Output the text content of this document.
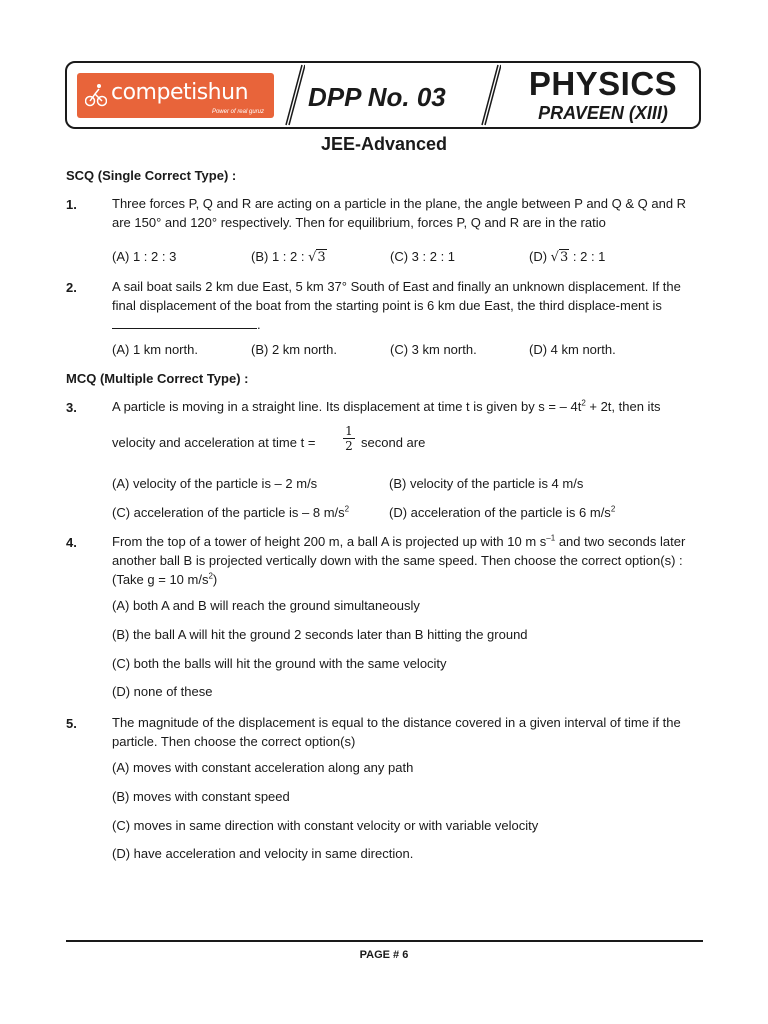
competishun
Power of real guruz DPP No. 03	PHYSICS
PRAVEEN (XIII)
JEE-Advanced
SCQ (Single Correct Type) :
1.	Three forces P, Q and R are acting on a particle in the plane, the angle between P and Q & Q and R are 150° and 120° respectively. Then for equilibrium, forces P, Q and R are in the ratio
(A) 1 : 2 : 3	(B) 1 : 2 : √3	(C) 3 : 2 : 1	(D) √3 : 2 : 1
2.	A sail boat sails 2 km due East, 5 km 37° South of East and finally an unknown displacement. If the final displacement of the boat from the starting point is 6 km due East, the third displace-ment is .
(A) 1 km north.	(B) 2 km north.	(C) 3 km north.	(D) 4 km north.
MCQ (Multiple Correct Type) :
3.	A particle is moving in a straight line. Its displacement at time t is given by s = – $4t^2 + 2t$, then its
velocity and acceleration at time $t = \frac{1}{2}$ second are
(A) velocity of the particle is – 2 m/s	(B) velocity of the particle is 4 m/s
(C) acceleration of the particle is – 8 $m/s^2$	(D) acceleration of the particle is 6 $m/s^2$
4.	From the top of a tower of height 200 m, a ball A is projected up with 10 m $s^{-1}$ and two seconds later another ball B is projected vertically down with the same speed. Then choose the correct option(s) : (Take g = 10 $m/s^2$)
(A) both A and B will reach the ground simultaneously
(B) the ball A will hit the ground 2 seconds later than B hitting the ground
(C) both the balls will hit the ground with the same velocity
(D) none of these
5.	The magnitude of the displacement is equal to the distance covered in a given interval of time if the particle. Then choose the correct option(s)
(A) moves with constant acceleration along any path
(B) moves with constant speed
(C) moves in same direction with constant velocity or with variable velocity
(D) have acceleration and velocity in same direction.
PAGE # 6
